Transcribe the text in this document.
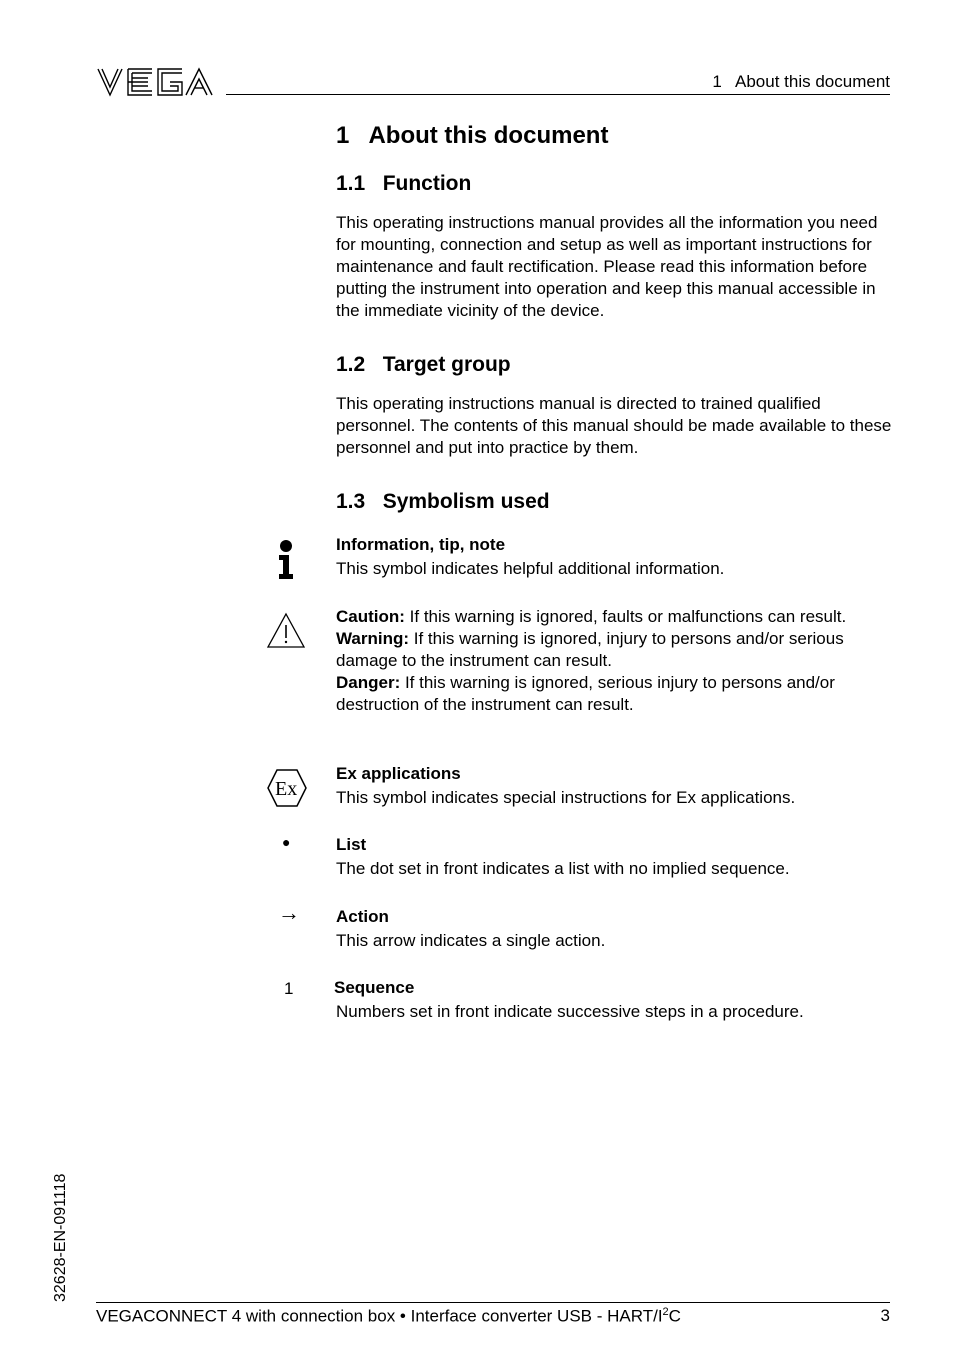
1   About this document
1   About this document
1.1   Function

This operating instructions manual provides all the information you need for mounting, connection and setup as well as important instructions for maintenance and fault rectification. Please read this information before putting the instrument into operation and keep this manual accessible in the immediate vicinity of the device.

1.2   Target group

This operating instructions manual is directed to trained qualified personnel. The contents of this manual should be made available to these personnel and put into practice by them.

1.3   Symbolism used
Information, tip, note
This symbol indicates helpful additional information.
Caution: If this warning is ignored, faults or malfunctions can result.
Warning: If this warning is ignored, injury to persons and/or serious damage to the instrument can result.
Danger: If this warning is ignored, serious injury to persons and/or destruction of the instrument can result.
Ex
Ex applications
This symbol indicates special instructions for Ex applications.
●	List
The dot set in front indicates a list with no implied sequence.
→ Action
This arrow indicates a single action.
1 Sequence
Numbers set in front indicate successive steps in a procedure.
32628-EN-091118
VEGACONNECT 4 with connection box • Interface converter USB - HART/$I^2C$	3
